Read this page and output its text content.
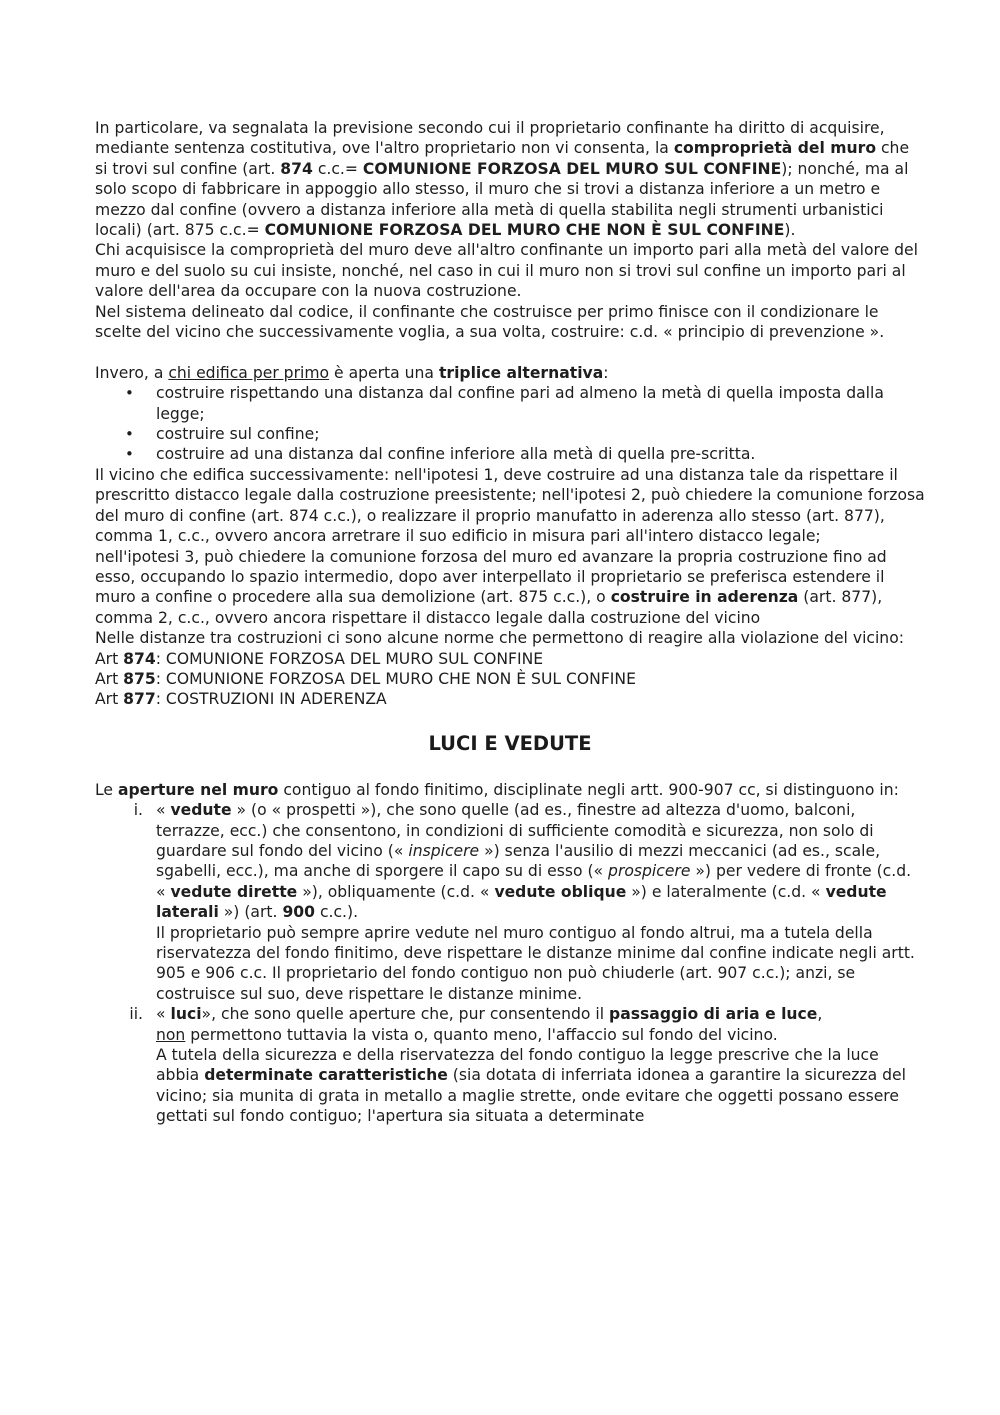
In particolare, va segnalata la previsione secondo cui il proprietario confinante ha diritto di acquisire, mediante sentenza costitutiva, ove l'altro proprietario non vi consenta, la comproprietà del muro che si trovi sul confine (art. 874 c.c.= COMUNIONE FORZOSA DEL MURO SUL CONFINE); nonché, ma al solo scopo di fabbricare in appoggio allo stesso, il muro che si trovi a distanza inferiore a un metro e mezzo dal confine (ovvero a distanza inferiore alla metà di quella stabilita negli strumenti urbanistici locali) (art. 875 c.c.= COMUNIONE FORZOSA DEL MURO CHE NON È SUL CONFINE).

Chi acquisisce la comproprietà del muro deve all'altro confinante un importo pari alla metà del valore del muro e del suolo su cui insiste, nonché, nel caso in cui il muro non si trovi sul confine un importo pari al valore dell'area da occupare con la nuova costruzione.

Nel sistema delineato dal codice, il confinante che costruisce per primo finisce con il condizionare le scelte del vicino che successivamente voglia, a sua volta, costruire: c.d. « principio di prevenzione ».

Invero, a chi edifica per primo è aperta una triplice alternativa:

• costruire rispettando una distanza dal confine pari ad almeno la metà di quella imposta dalla legge;
• costruire sul confine;
• costruire ad una distanza dal confine inferiore alla metà di quella pre-scritta.

Il vicino che edifica successivamente: nell'ipotesi 1, deve costruire ad una distanza tale da rispettare il prescritto distacco legale dalla costruzione preesistente; nell'ipotesi 2, può chiedere la comunione forzosa del muro di confine (art. 874 c.c.), o realizzare il proprio manufatto in aderenza allo stesso (art. 877), comma 1, c.c., ovvero ancora arretrare il suo edificio in misura pari all'intero distacco legale;

nell'ipotesi 3, può chiedere la comunione forzosa del muro ed avanzare la propria costruzione fino ad esso, occupando lo spazio intermedio, dopo aver interpellato il proprietario se preferisca estendere il muro a confine o procedere alla sua demolizione (art. 875 c.c.), o costruire in aderenza (art. 877), comma 2, c.c., ovvero ancora rispettare il distacco legale dalla costruzione del vicino

Nelle distanze tra costruzioni ci sono alcune norme che permettono di reagire alla violazione del vicino:

Art 874: COMUNIONE FORZOSA DEL MURO SUL CONFINE

Art 875: COMUNIONE FORZOSA DEL MURO CHE NON È SUL CONFINE

Art 877: COSTRUZIONI IN ADERENZA

LUCI E VEDUTE

Le aperture nel muro contiguo al fondo finitimo, disciplinate negli artt. 900-907 cc, si distinguono in:

i. « vedute » (o « prospetti »), che sono quelle (ad es., finestre ad altezza d'uomo, balconi, terrazze, ecc.) che consentono, in condizioni di sufficiente comodità e sicurezza, non solo di guardare sul fondo del vicino (« inspicere ») senza l'ausilio di mezzi meccanici (ad es., scale, sgabelli, ecc.), ma anche di sporgere il capo su di esso (« prospicere ») per vedere di fronte (c.d. « vedute dirette »), obliquamente (c.d. « vedute oblique ») e lateralmente (c.d. « vedute laterali ») (art. 900 c.c.).

Il proprietario può sempre aprire vedute nel muro contiguo al fondo altrui, ma a tutela della riservatezza del fondo finitimo, deve rispettare le distanze minime dal confine indicate negli artt. 905 e 906 c.c. Il proprietario del fondo contiguo non può chiuderle (art. 907 c.c.); anzi, se costruisce sul suo, deve rispettare le distanze minime.

ii. « luci», che sono quelle aperture che, pur consentendo il passaggio di aria e luce,
non permettono tuttavia la vista o, quanto meno, l'affaccio sul fondo del vicino.

A tutela della sicurezza e della riservatezza del fondo contiguo la legge prescrive che la luce abbia determinate caratteristiche (sia dotata di inferriata idonea a garantire la sicurezza del vicino; sia munita di grata in metallo a maglie strette, onde evitare che oggetti possano essere gettati sul fondo contiguo; l'apertura sia situata a determinate
